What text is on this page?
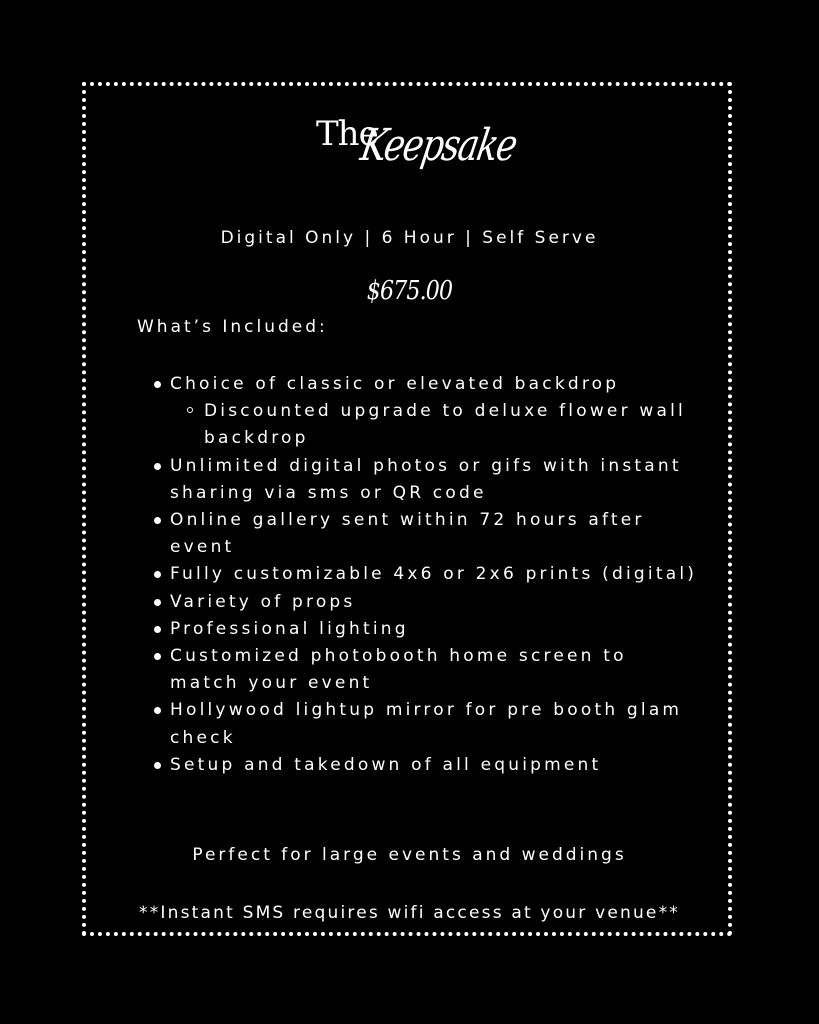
The
Keepsake
Digital Only | 6 Hour | Self Serve
$675.00
What’s Included:
Choice of classic or elevated backdrop
Discounted upgrade to deluxe flower wall backdrop
Unlimited digital photos or gifs with instant sharing via sms or QR code
Online gallery sent within 72 hours after event
Fully customizable 4x6 or 2x6 prints (digital)
Variety of props
Professional lighting
Customized photobooth home screen to match your event
Hollywood lightup mirror for pre booth glam check
Setup and takedown of all equipment
Perfect for large events and weddings
**Instant SMS requires wifi access at your venue**
